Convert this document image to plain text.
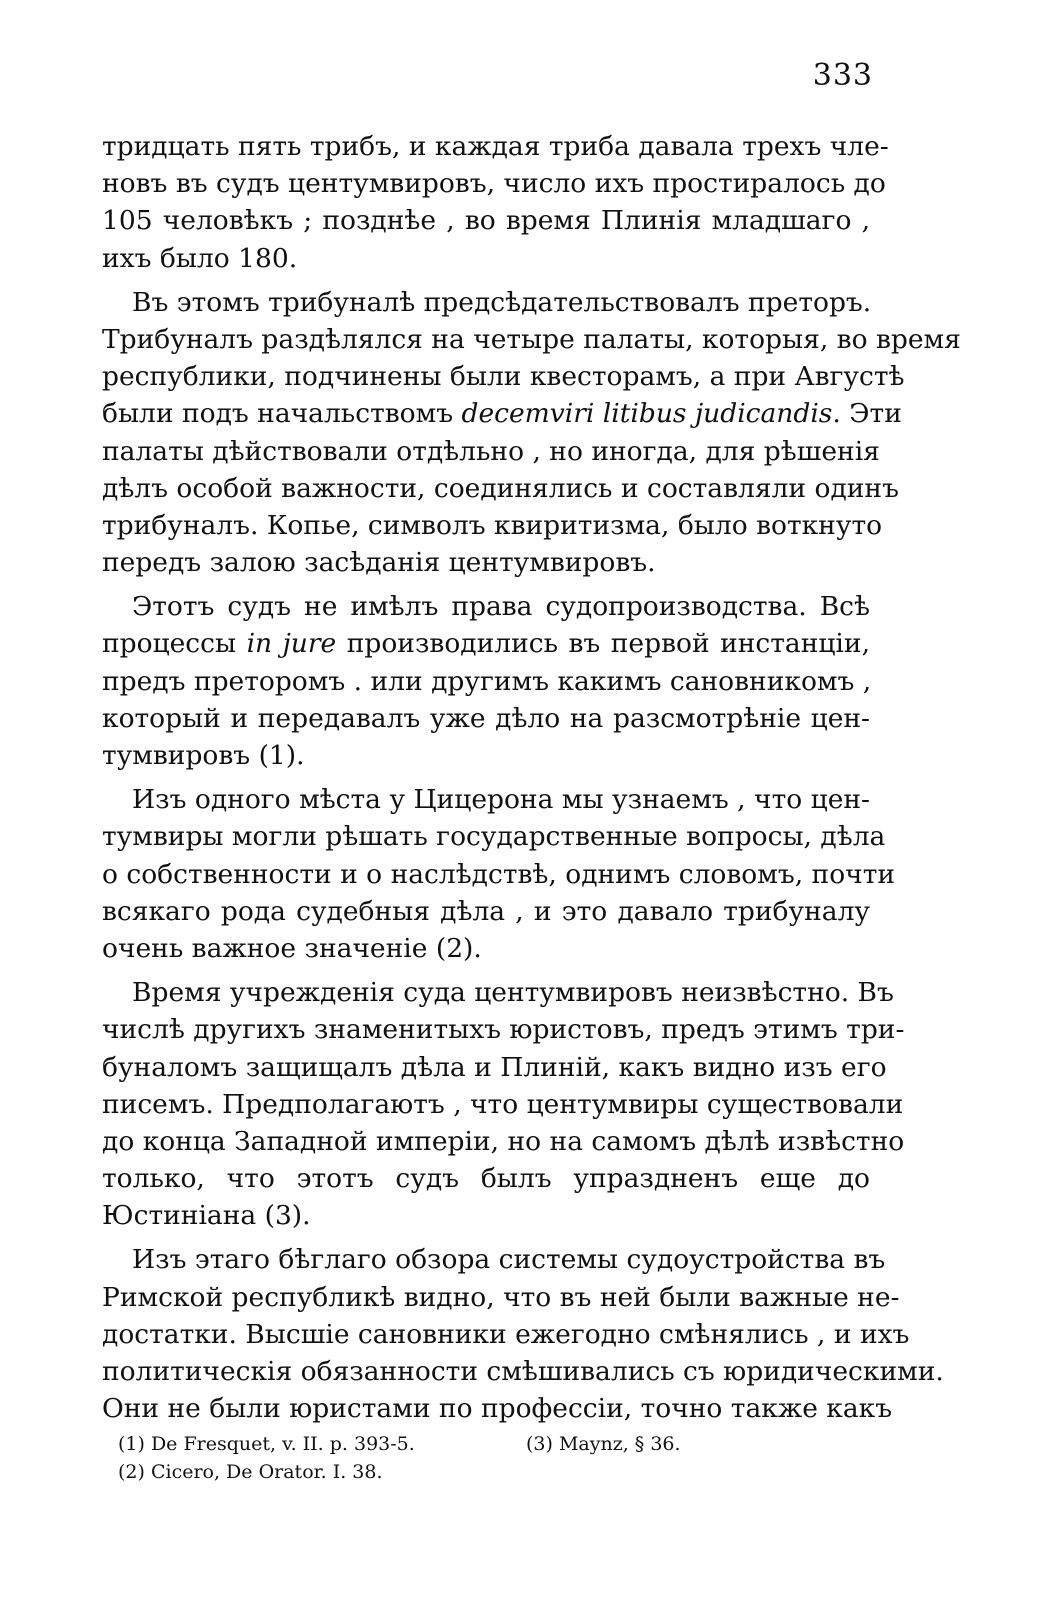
333
тридцать пять трибъ, и каждая триба давала трехъ чле-
новъ въ судъ центумвировъ, число ихъ простиралось до
105 человѣкъ ; позднѣе , во время Плинія младшаго ,
ихъ было 180.
Въ этомъ трибуналѣ предсѣдательствовалъ преторъ.
Трибуналъ раздѣлялся на четыре палаты, которыя, во время
республики, подчинены были квесторамъ, а при Августѣ
были подъ начальствомъ decemviri litibus judicandis. Эти
палаты дѣйствовали отдѣльно , но иногда, для рѣшенія
дѣлъ особой важности, соединялись и составляли одинъ
трибуналъ. Копье, символъ квиритизма, было воткнуто
передъ залою засѣданія центумвировъ.
Этотъ судъ не имѣлъ права судопроизводства. Всѣ
процессы in jure производились въ первой инстанціи,
предъ преторомъ . или другимъ какимъ сановникомъ ,
который и передавалъ уже дѣло на разсмотрѣніе цен-
тумвировъ (1).
Изъ одного мѣста у Цицерона мы узнаемъ , что цен-
тумвиры могли рѣшать государственные вопросы, дѣла
о собственности и о наслѣдствѣ, однимъ словомъ, почти
всякаго рода судебныя дѣла , и это давало трибуналу
очень важное значеніе (2).
Время учрежденія суда центумвировъ неизвѣстно. Въ
числѣ другихъ знаменитыхъ юристовъ, предъ этимъ три-
буналомъ защищалъ дѣла и Плиній, какъ видно изъ его
писемъ. Предполагаютъ , что центумвиры существовали
до конца Западной имперіи, но на самомъ дѣлѣ извѣстно
только, что этотъ судъ былъ упраздненъ еще до
Юстиніана (3).
Изъ этаго бѣглаго обзора системы судоустройства въ
Римской республикѣ видно, что въ ней были важные не-
достатки. Высшіе сановники ежегодно смѣнялись , и ихъ
политическія обязанности смѣшивались съ юридическими.
Они не были юристами по профессіи, точно также какъ
(1) De Fresquet, v. II. p. 393-5.	(3) Maynz, § 36.
(2) Cicero, De Orator. I. 38.
